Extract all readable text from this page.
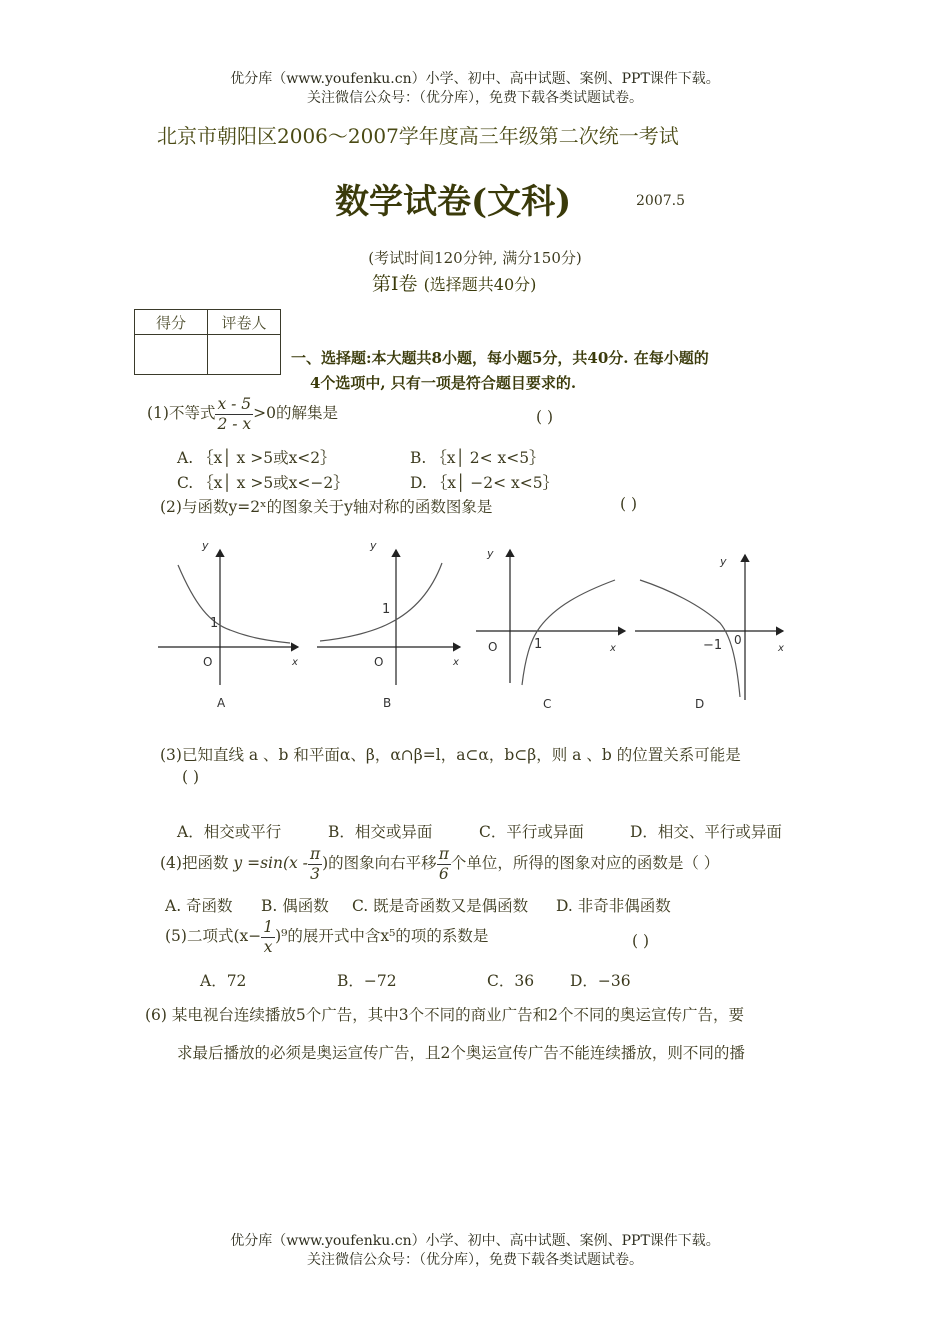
优分库（www.youfenku.cn）小学、初中、高中试题、案例、PPT课件下载。
关注微信公众号：（优分库），免费下载各类试题试卷。
北京市朝阳区2006～2007学年度高三年级第二次统一考试
数学试卷(文科)	2007.5
(考试时间120分钟, 满分150分)
第Ⅰ卷 (选择题共40分)
得分	评卷人

一、选择题:本大题共8小题，每小题5分，共40分. 在每小题的
4个选项中, 只有一项是符合题目要求的.
(1)不等式 $\frac{x - 5}{2 - x} >0$的解集是	( )
A. ｛x│ x >5或x<2｝	B. ｛x│ 2< x<5｝
C. ｛x│ x >5或x<−2｝	D. ｛x│ −2< x<5｝
(2)与函数y=2ˣ的图象关于y轴对称的函数图象是	( )
y
x
O
1
A
y
x
O
1
B
y
x
O	1
C
y
x
0
−1
D
(3)已知直线 a 、b 和平面α、β，α∩β=l，a⊂α，b⊂β，则 a 、b 的位置关系可能是
( )
A．相交或平行	B．相交或异面	C．平行或异面	D．相交、平行或异面
(4)把函数 $y =\sin(x - \frac{\pi}{3}$ )的图象向右平移 $\frac{\pi}{6}$ 个单位，所得的图象对应的函数是（ ）
A. 奇函数 B. 偶函数 C. 既是奇函数又是偶函数 D. 非奇非偶函数
(5)二项式$(x- \frac{1}{x} )^9$的展开式中含x⁵的项的系数是	( )
A．72	B．−72	C．36 D．−36
(6) 某电视台连续播放5个广告，其中3个不同的商业广告和2个不同的奥运宣传广告，要
求最后播放的必须是奥运宣传广告，且2个奥运宣传广告不能连续播放，则不同的播
优分库（www.youfenku.cn）小学、初中、高中试题、案例、PPT课件下载。
关注微信公众号：（优分库），免费下载各类试题试卷。
